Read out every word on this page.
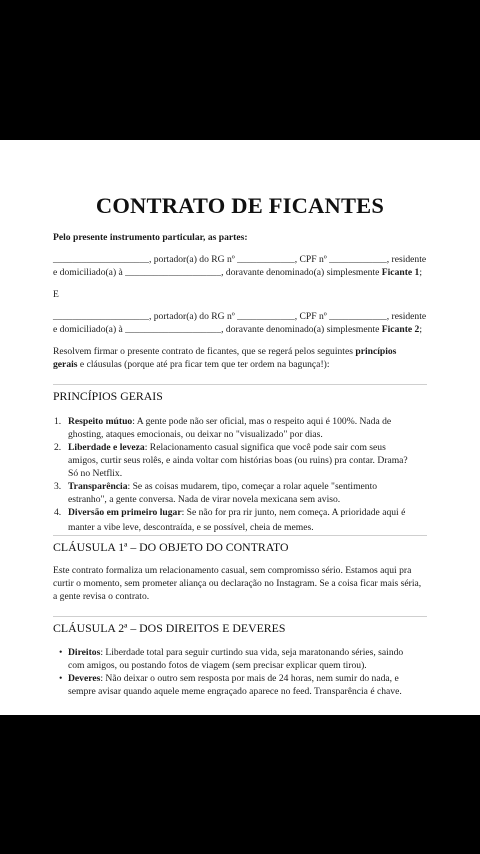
CONTRATO DE FICANTES
Pelo presente instrumento particular, as partes:
____________________, portador(a) do RG nº ____________, CPF nº ____________, residente
e domiciliado(a) à ____________________, doravante denominado(a) simplesmente Ficante 1;
E
____________________, portador(a) do RG nº ____________, CPF nº ____________, residente
e domiciliado(a) à ____________________, doravante denominado(a) simplesmente Ficante 2;
Resolvem firmar o presente contrato de ficantes, que se regerá pelos seguintes princípios
gerais e cláusulas (porque até pra ficar tem que ter ordem na bagunça!):
PRINCÍPIOS GERAIS
1. Respeito mútuo: A gente pode não ser oficial, mas o respeito aqui é 100%. Nada de
ghosting, ataques emocionais, ou deixar no "visualizado" por dias.
2. Liberdade e leveza: Relacionamento casual significa que você pode sair com seus
amigos, curtir seus rolês, e ainda voltar com histórias boas (ou ruins) pra contar. Drama?
Só no Netflix.
3. Transparência: Se as coisas mudarem, tipo, começar a rolar aquele "sentimento
estranho", a gente conversa. Nada de virar novela mexicana sem aviso.
4. Diversão em primeiro lugar: Se não for pra rir junto, nem começa. A prioridade aqui é
manter a vibe leve, descontraída, e se possível, cheia de memes.
CLÁUSULA 1ª – DO OBJETO DO CONTRATO
Este contrato formaliza um relacionamento casual, sem compromisso sério. Estamos aqui pra
curtir o momento, sem prometer aliança ou declaração no Instagram. Se a coisa ficar mais séria,
a gente revisa o contrato.
CLÁUSULA 2ª – DOS DIREITOS E DEVERES
• Direitos: Liberdade total para seguir curtindo sua vida, seja maratonando séries, saindo
com amigos, ou postando fotos de viagem (sem precisar explicar quem tirou).
• Deveres: Não deixar o outro sem resposta por mais de 24 horas, nem sumir do nada, e
sempre avisar quando aquele meme engraçado aparece no feed. Transparência é chave.
